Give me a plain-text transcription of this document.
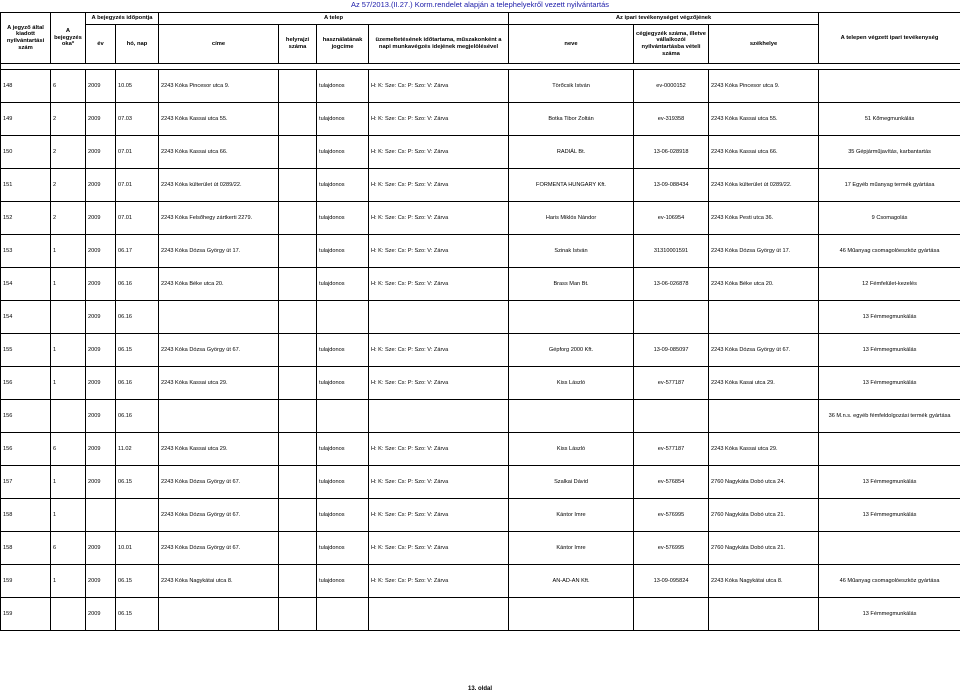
Az 57/2013.(II.27.) Korm.rendelet alapján a telephelyekről vezett nyilvántartás
A jegyző által kiadott nyilvántartási szám	A bejegyzés oka*	A bejegyzés időpontja		A telep				Az ipari tevékenységet végzőjének			A telepen végzett ipari tevékenység
		év	hó, nap	címe	helyrajzi száma	használatának jogcíme	üzemeltetésének időtartama, műszakonként a napi munkavégzés idejének megjelölésével	neve	cégjegyzék száma, illetve vállalkozói nyilvántartásba vételi száma	székhelye	

148	6	2009	10.05	2243 Kóka Pincesor utca 9.		tulajdonos	H: K: Sze: Cs: P: Szo: V: Zárva	Törőcsik István	ev-0000152	2243 Kóka Pincesor utca 9.	
149	2	2009	07.03	2243 Kóka Kassai utca 55.		tulajdonos	H: K: Sze: Cs: P: Szo: V: Zárva	Botka Tibor Zoltán	ev-319358	2243 Kóka Kassai utca 55.	51 Kőmegmunkálás
150	2	2009	07.01	2243 Kóka Kassai utca 66.		tulajdonos	H: K: Sze: Cs: P: Szo: V: Zárva	RADIÁL Bt.	13-06-028918	2243 Kóka Kassai utca 66.	35 Gépjárműjavítás, karbantartás
151	2	2009	07.01	2243 Kóka külterület út 0289/22.		tulajdonos	H: K: Sze: Cs: P: Szo: V: Zárva	FORMENTA HUNGARY Kft.	13-09-088434	2243 Kóka külterület út 0289/22.	17 Egyéb műanyag termék gyártása
152	2	2009	07.01	2243 Kóka Felsőhegy zártkerti 2279.		tulajdonos	H: K: Sze: Cs: P: Szo: V: Zárva	Haris Miklós Nándor	ev-106954	2243 Kóka Pesti utca 36.	9 Csomagolás
153	1	2009	06.17	2243 Kóka Dózsa György út 17.		tulajdonos	H: K: Sze: Cs: P: Szo: V: Zárva	Szinak István	31310001591	2243 Kóka Dózsa György út 17.	46 Műanyag csomagolóeszköz gyártása
154	1	2009	06.16	2243 Kóka Béke utca 20.		tulajdonos	H: K: Sze: Cs: P: Szo: V: Zárva	Brass Man Bt.	13-06-026878	2243 Kóka Béke utca 20.	12 Fémfelület-kezelés
154		2009	06.16								13 Fémmegmunkálás
155	1	2009	06.15	2243 Kóka Dózsa György út 67.		tulajdonos	H: K: Sze: Cs: P: Szo: V: Zárva	Gépforg 2000 Kft.	13-09-085097	2243 Kóka Dózsa György út 67.	13 Fémmegmunkálás
156	1	2009	06.16	2243 Kóka Kassai utca 29.		tulajdonos	H: K: Sze: Cs: P: Szo: V: Zárva	Kiss László	ev-577187	2243 Kóka Kasai utca 29.	13 Fémmegmunkálás
156		2009	06.16								36 M.n.s. egyéb fémfeldolgozási termék gyártása
156	6	2009	11.02	2243 Kóka Kassai utca 29.		tulajdonos	H: K: Sze: Cs: P: Szo: V: Zárva	Kiss László	ev-577187	2243 Kóka Kassai utca 29.	
157	1	2009	06.15	2243 Kóka Dózsa György út 67.		tulajdonos	H: K: Sze: Cs: P: Szo: V: Zárva	Szalkai Dávid	ev-576854	2760 Nagykáta Dobó utca 24.	13 Fémmegmunkálás
158	1			2243 Kóka Dózsa György út 67.		tulajdonos	H: K: Sze: Cs: P: Szo: V: Zárva	Kántor Imre	ev-576995	2760 Nagykáta Dobó utca 21.	13 Fémmegmunkálás
158	6	2009	10.01	2243 Kóka Dózsa György út 67.		tulajdonos	H: K: Sze: Cs: P: Szo: V: Zárva	Kántor Imre	ev-576995	2760 Nagykáta Dobó utca 21.	
159	1	2009	06.15	2243 Kóka Nagykátai utca 8.		tulajdonos	H: K: Sze: Cs: P: Szo: V: Zárva	AN-AD-AN Kft.	13-09-095824	2243 Kóka Nagykátai utca 8.	46 Műanyag csomagolóeszköz gyártása
159		2009	06.15								13 Fémmegmunkálás
13. oldal
